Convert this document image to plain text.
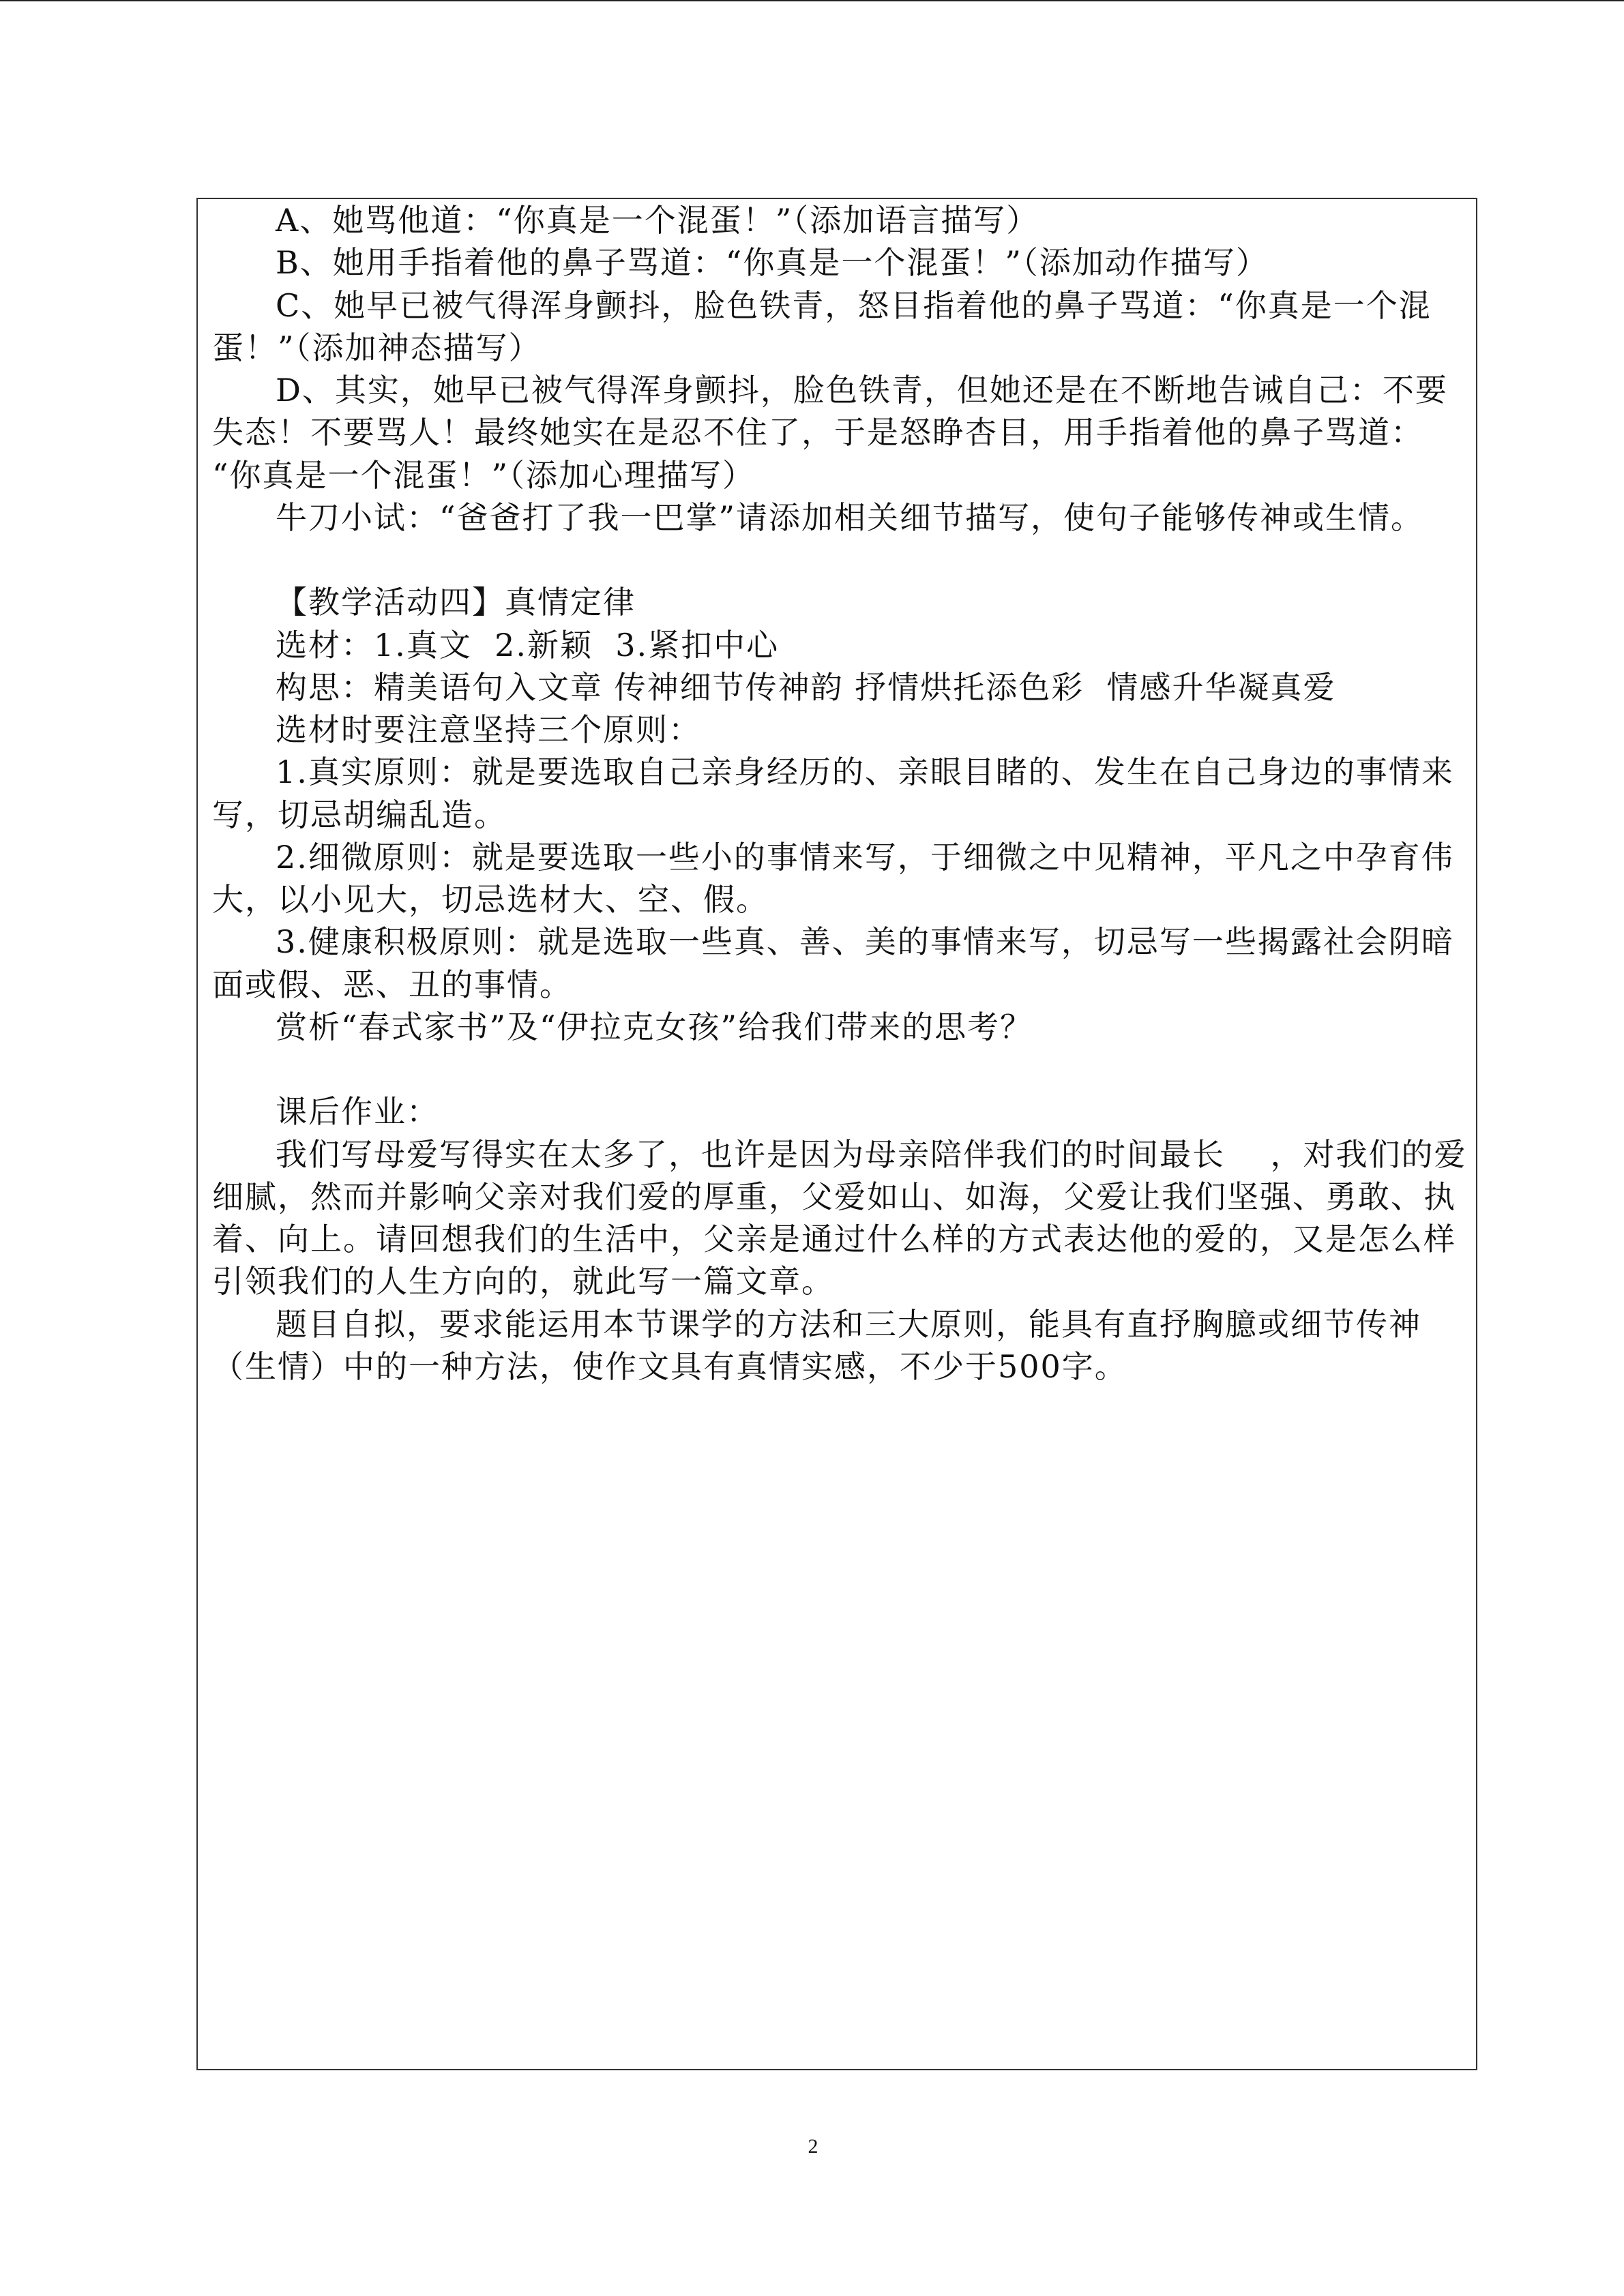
A、她骂他道：“你真是一个混蛋！”（添加语言描写）
B、她用手指着他的鼻子骂道：“你真是一个混蛋！”（添加动作描写）
C、她早已被气得浑身颤抖，脸色铁青，怒目指着他的鼻子骂道：“你真是一个混
蛋！”（添加神态描写）
D、其实，她早已被气得浑身颤抖，脸色铁青，但她还是在不断地告诫自己：不要
失态！不要骂人！最终她实在是忍不住了，于是怒睁杏目，用手指着他的鼻子骂道：
“你真是一个混蛋！”（添加心理描写）
牛刀小试：“爸爸打了我一巴掌”请添加相关细节描写，使句子能够传神或生情。
【教学活动四】真情定律
选材：1.真文  2.新颖  3.紧扣中心
构思：精美语句入文章 传神细节传神韵 抒情烘托添色彩  情感升华凝真爱
选材时要注意坚持三个原则：
1.真实原则：就是要选取自己亲身经历的、亲眼目睹的、发生在自己身边的事情来
写，切忌胡编乱造。
2.细微原则：就是要选取一些小的事情来写，于细微之中见精神，平凡之中孕育伟
大，以小见大，切忌选材大、空、假。
3.健康积极原则：就是选取一些真、善、美的事情来写，切忌写一些揭露社会阴暗
面或假、恶、丑的事情。
赏析“春式家书”及“伊拉克女孩”给我们带来的思考？
课后作业：
我们写母爱写得实在太多了，也许是因为母亲陪伴我们的时间最长    ，对我们的爱
细腻，然而并影响父亲对我们爱的厚重，父爱如山、如海，父爱让我们坚强、勇敢、执
着、向上。请回想我们的生活中，父亲是通过什么样的方式表达他的爱的，又是怎么样
引领我们的人生方向的，就此写一篇文章。
题目自拟，要求能运用本节课学的方法和三大原则，能具有直抒胸臆或细节传神
（生情）中的一种方法，使作文具有真情实感，不少于500字。
2
